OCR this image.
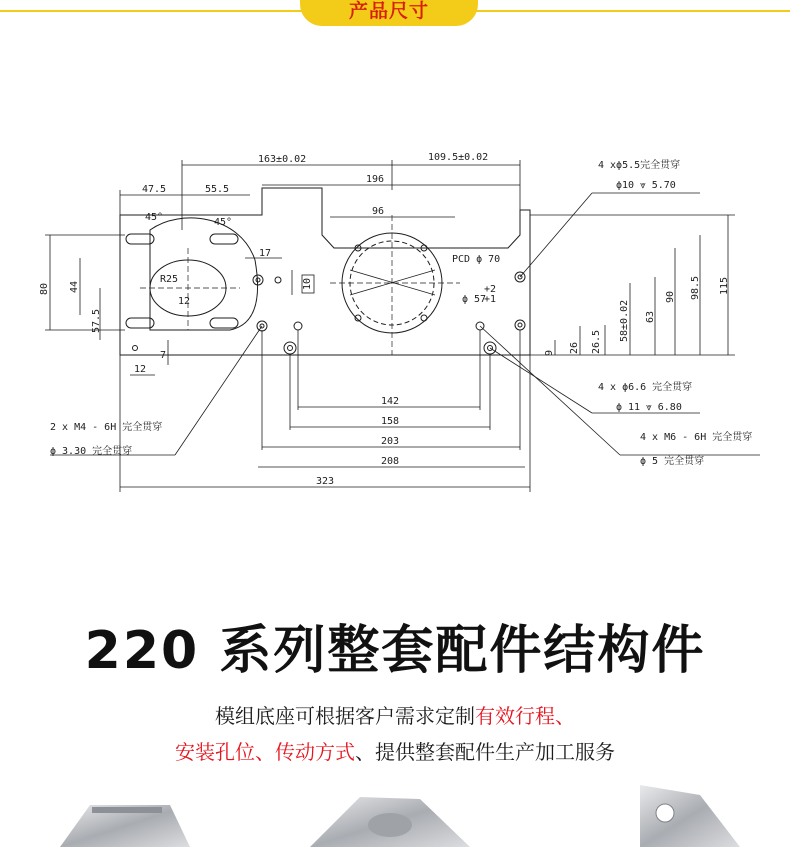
产品尺寸
163±0.02	109.5±0.02
196
96
47.5	55.5
45°	45°
80 44
57.5
R25
12
7
12
17
10
PCD ϕ 70
ϕ 57
+2
+1
115
98.5
90
63
58±0.02
26.5
26
9
142
158
203
208
323
4 xϕ5.5完全贯穿
ϕ10 ⩔ 5.70
4 x ϕ6.6 完全贯穿
ϕ 11 ⩔ 6.80
4 x M6 - 6H 完全贯穿
ϕ 5 完全贯穿
2 x M4 - 6H 完全贯穿
ϕ 3.30 完全贯穿
220 系列整套配件结构件
模组底座可根据客户需求定制有效行程、
安装孔位、传动方式、提供整套配件生产加工服务
